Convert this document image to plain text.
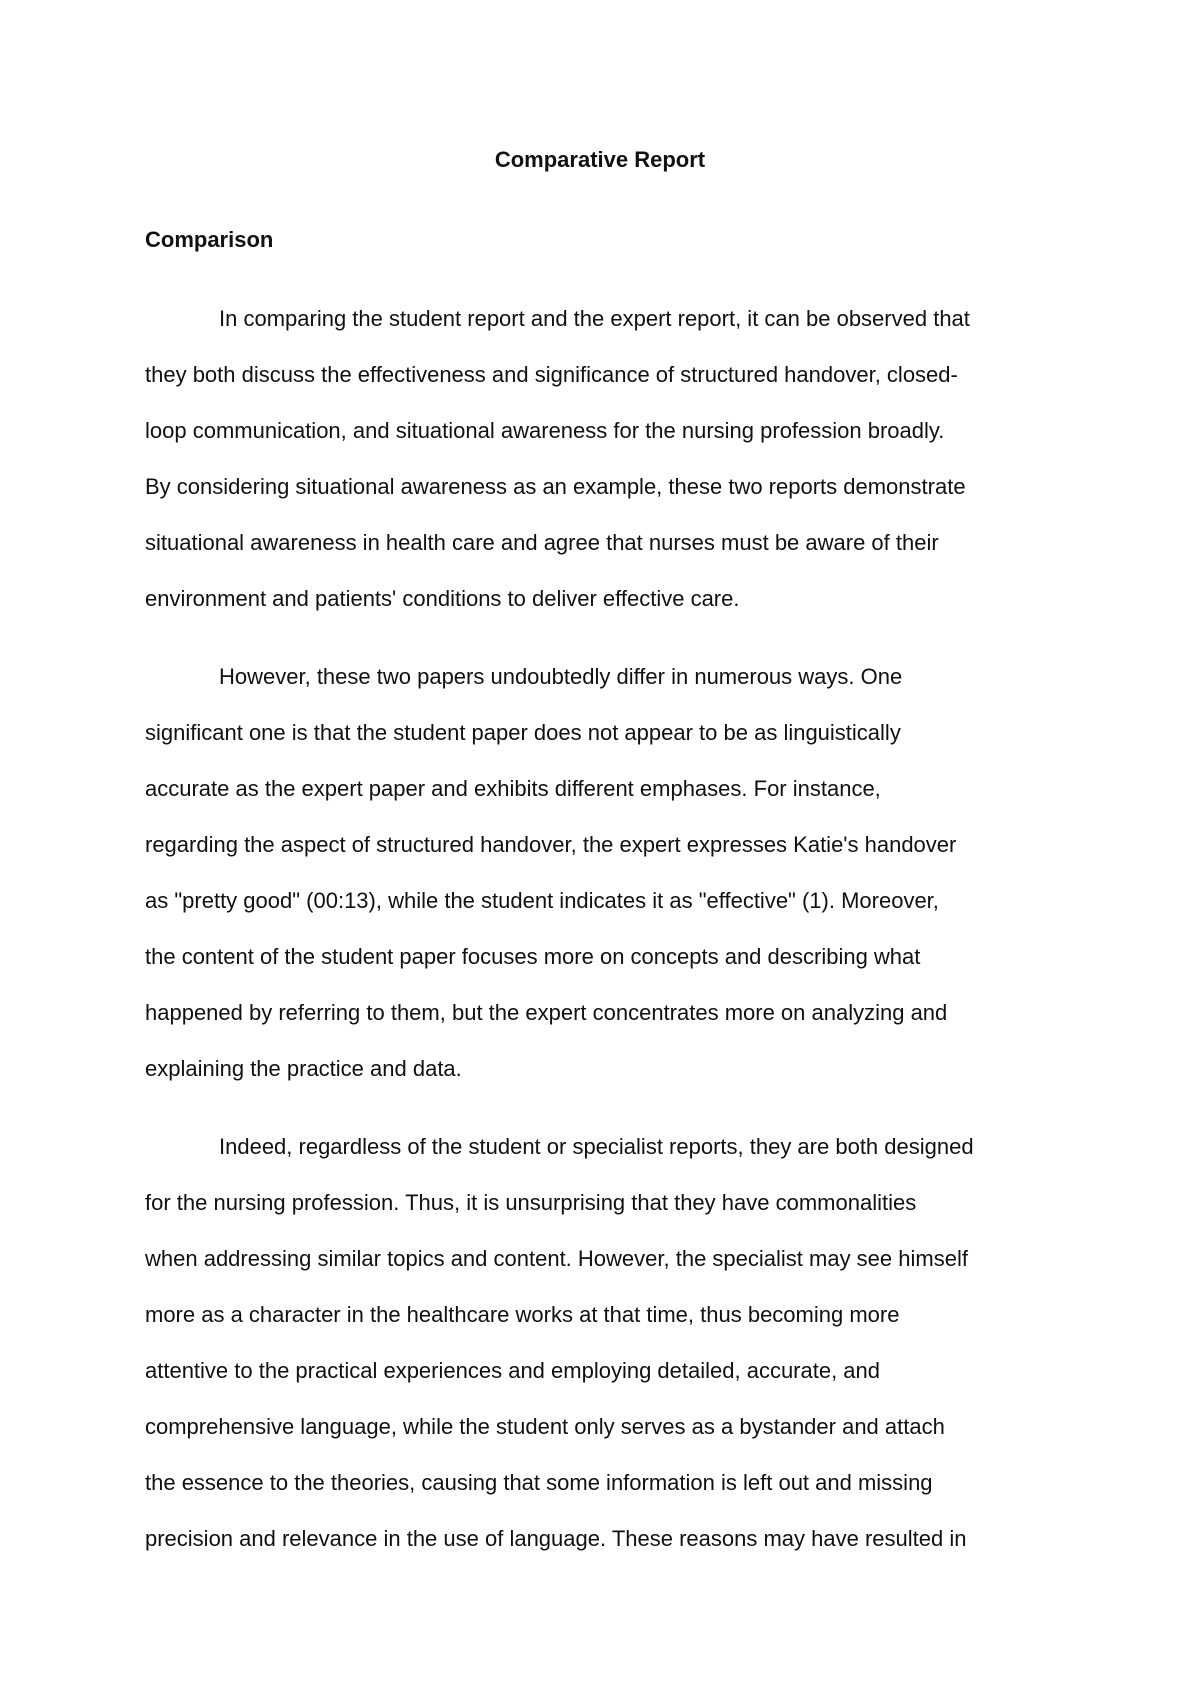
Comparative Report
Comparison
In comparing the student report and the expert report, it can be observed that
they both discuss the effectiveness and significance of structured handover, closed-
loop communication, and situational awareness for the nursing profession broadly.
By considering situational awareness as an example, these two reports demonstrate
situational awareness in health care and agree that nurses must be aware of their
environment and patients' conditions to deliver effective care.
However, these two papers undoubtedly differ in numerous ways. One
significant one is that the student paper does not appear to be as linguistically
accurate as the expert paper and exhibits different emphases. For instance,
regarding the aspect of structured handover, the expert expresses Katie's handover
as "pretty good" (00:13), while the student indicates it as "effective" (1). Moreover,
the content of the student paper focuses more on concepts and describing what
happened by referring to them, but the expert concentrates more on analyzing and
explaining the practice and data.
Indeed, regardless of the student or specialist reports, they are both designed
for the nursing profession. Thus, it is unsurprising that they have commonalities
when addressing similar topics and content. However, the specialist may see himself
more as a character in the healthcare works at that time, thus becoming more
attentive to the practical experiences and employing detailed, accurate, and
comprehensive language, while the student only serves as a bystander and attach
the essence to the theories, causing that some information is left out and missing
precision and relevance in the use of language. These reasons may have resulted in
